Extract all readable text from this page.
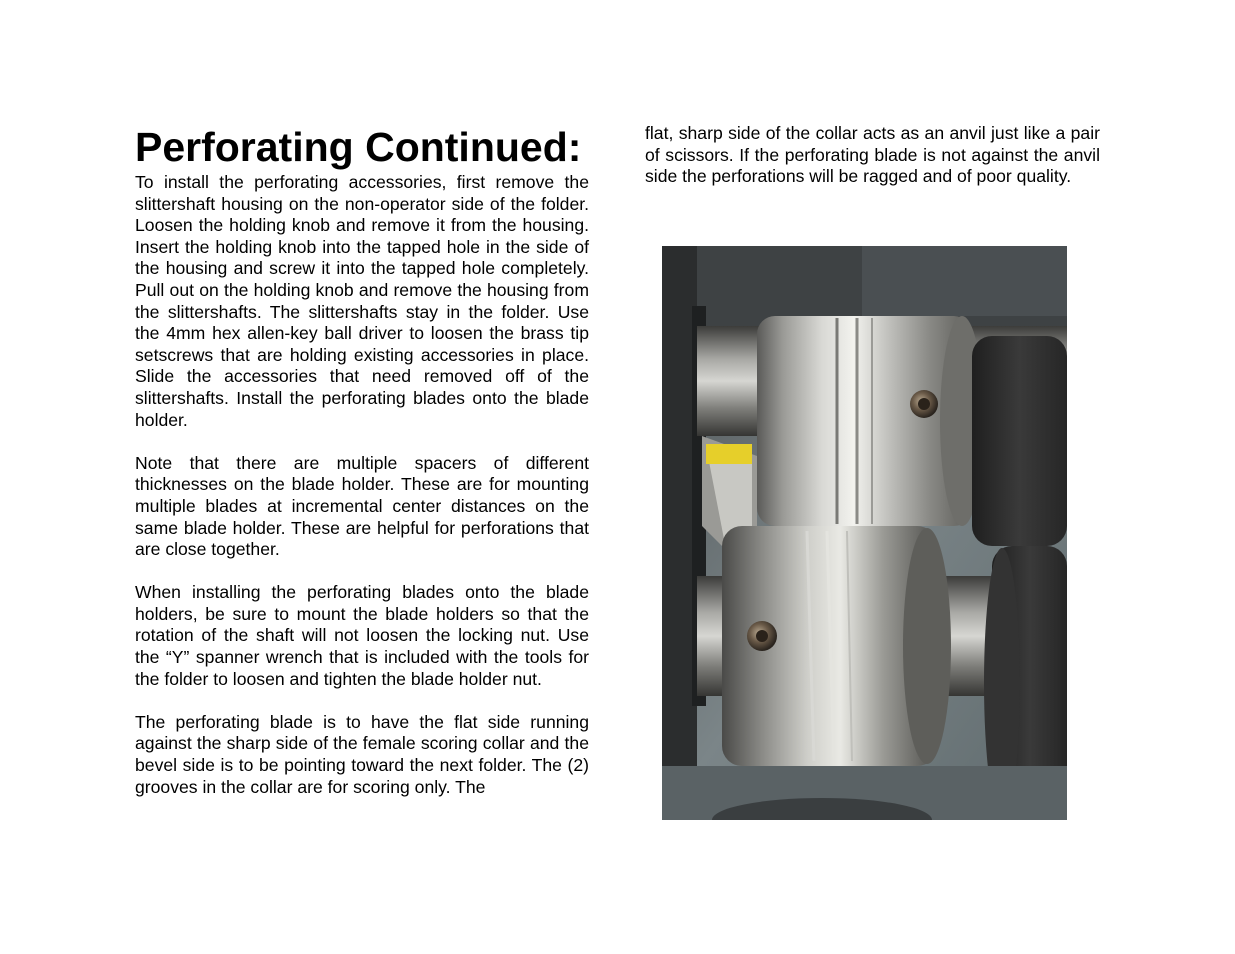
Perforating Continued:

To install the perforating accessories, first remove the slittershaft housing on the non-operator side of the folder. Loosen the holding knob and remove it from the housing. Insert the holding knob into the tapped hole in the side of the housing and screw it into the tapped hole completely. Pull out on the holding knob and remove the housing from the slittershafts. The slittershafts stay in the folder. Use the 4mm hex allen-key ball driver to loosen the brass tip setscrews that are holding existing accessories in place. Slide the accessories that need removed off of the slittershafts. Install the perforating blades onto the blade holder.

Note that there are multiple spacers of different thicknesses on the blade holder. These are for mounting multiple blades at incremental center distances on the same blade holder. These are helpful for perforations that are close together.

When installing the perforating blades onto the blade holders, be sure to mount the blade holders so that the rotation of the shaft will not loosen the locking nut. Use the “Y” spanner wrench that is included with the tools for the folder to loosen and tighten the blade holder nut.

The perforating blade is to have the flat side running against the sharp side of the female scoring collar and the bevel side is to be pointing toward the next folder. The (2) grooves in the collar are for scoring only. The

flat, sharp side of the collar acts as an anvil just like a pair of scissors. If the perforating blade is not against the anvil side the perforations will be ragged and of poor quality.
